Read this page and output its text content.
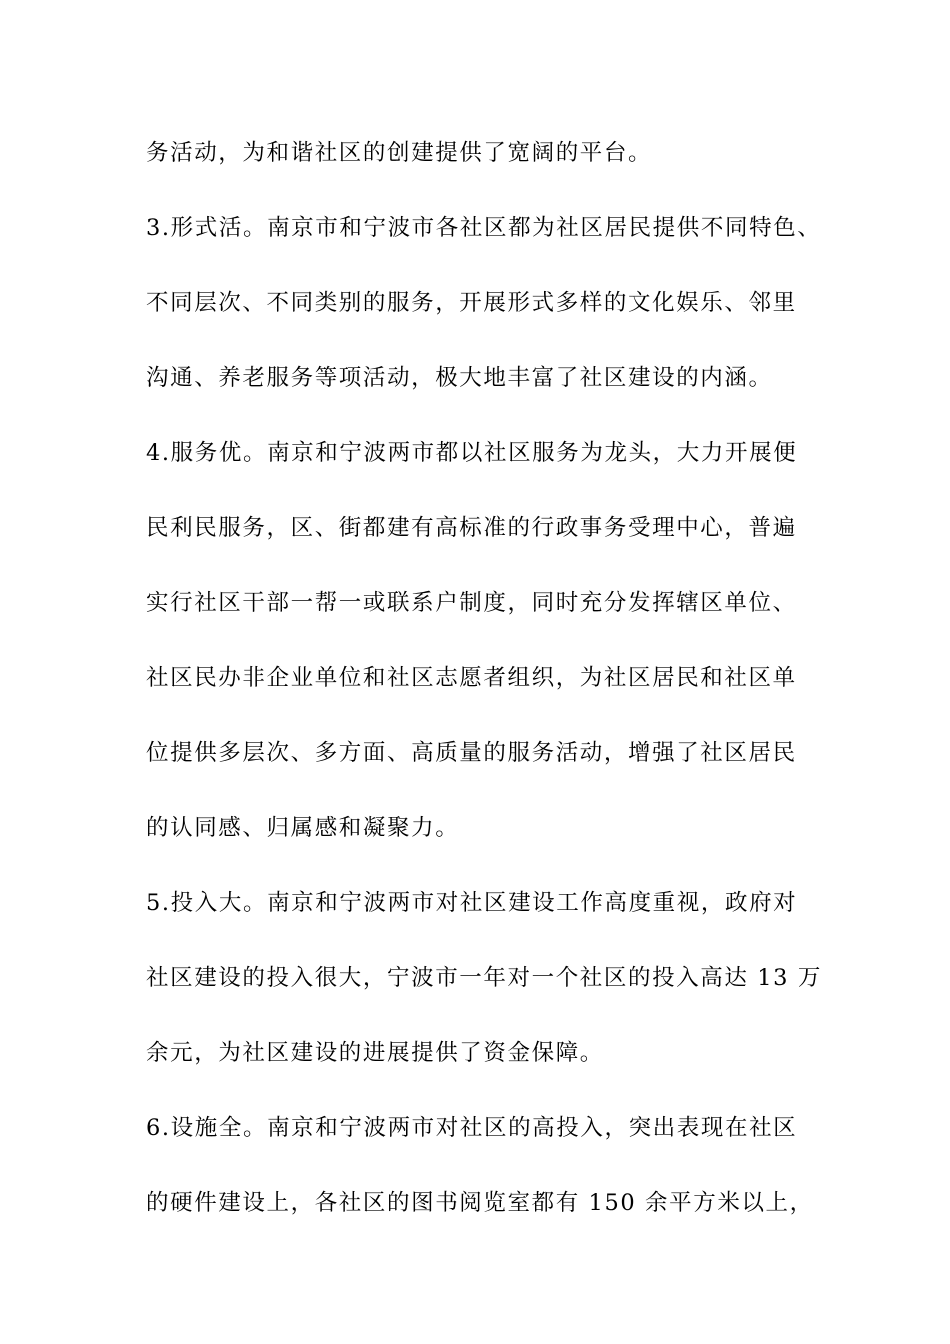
务活动，为和谐社区的创建提供了宽阔的平台。
3.形式活。南京市和宁波市各社区都为社区居民提供不同特色、
不同层次、不同类别的服务，开展形式多样的文化娱乐、邻里
沟通、养老服务等项活动，极大地丰富了社区建设的内涵。
4.服务优。南京和宁波两市都以社区服务为龙头，大力开展便
民利民服务，区、街都建有高标准的行政事务受理中心，普遍
实行社区干部一帮一或联系户制度，同时充分发挥辖区单位、
社区民办非企业单位和社区志愿者组织，为社区居民和社区单
位提供多层次、多方面、高质量的服务活动，增强了社区居民
的认同感、归属感和凝聚力。
5.投入大。南京和宁波两市对社区建设工作高度重视，政府对
社区建设的投入很大，宁波市一年对一个社区的投入高达 13 万
余元，为社区建设的进展提供了资金保障。
6.设施全。南京和宁波两市对社区的高投入，突出表现在社区
的硬件建设上，各社区的图书阅览室都有 150 余平方米以上，
